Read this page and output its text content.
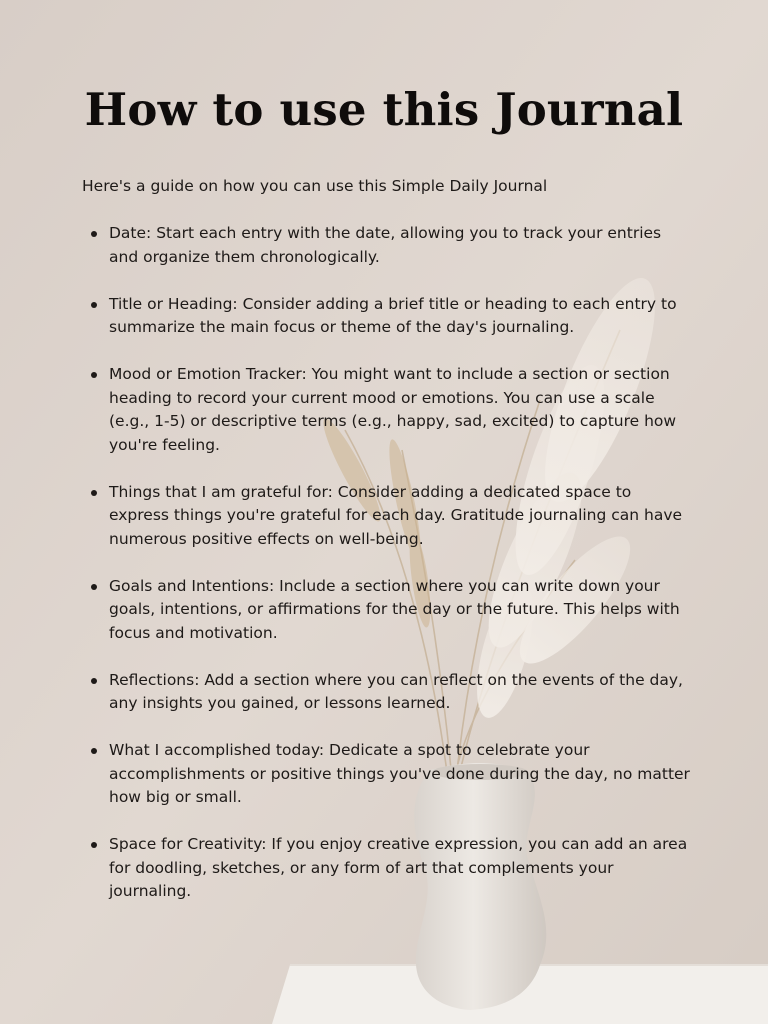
How to use this Journal

Here's a guide on how you can use this Simple Daily Journal

Date: Start each entry with the date, allowing you to track your entries and organize them chronologically.
Title or Heading: Consider adding a brief title or heading to each entry to summarize the main focus or theme of the day's journaling.
Mood or Emotion Tracker: You might want to include a section or section heading to record your current mood or emotions. You can use a scale (e.g., 1-5) or descriptive terms (e.g., happy, sad, excited) to capture how you're feeling.
Things that I am grateful for: Consider adding a dedicated space to express things you're grateful for each day. Gratitude journaling can have numerous positive effects on well-being.
Goals and Intentions: Include a section where you can write down your goals, intentions, or affirmations for the day or the future. This helps with focus and motivation.
Reflections: Add a section where you can reflect on the events of the day, any insights you gained, or lessons learned.
What I accomplished today: Dedicate a spot to celebrate your accomplishments or positive things you've done during the day, no matter how big or small.
Space for Creativity: If you enjoy creative expression, you can add an area for doodling, sketches, or any form of art that complements your journaling.
